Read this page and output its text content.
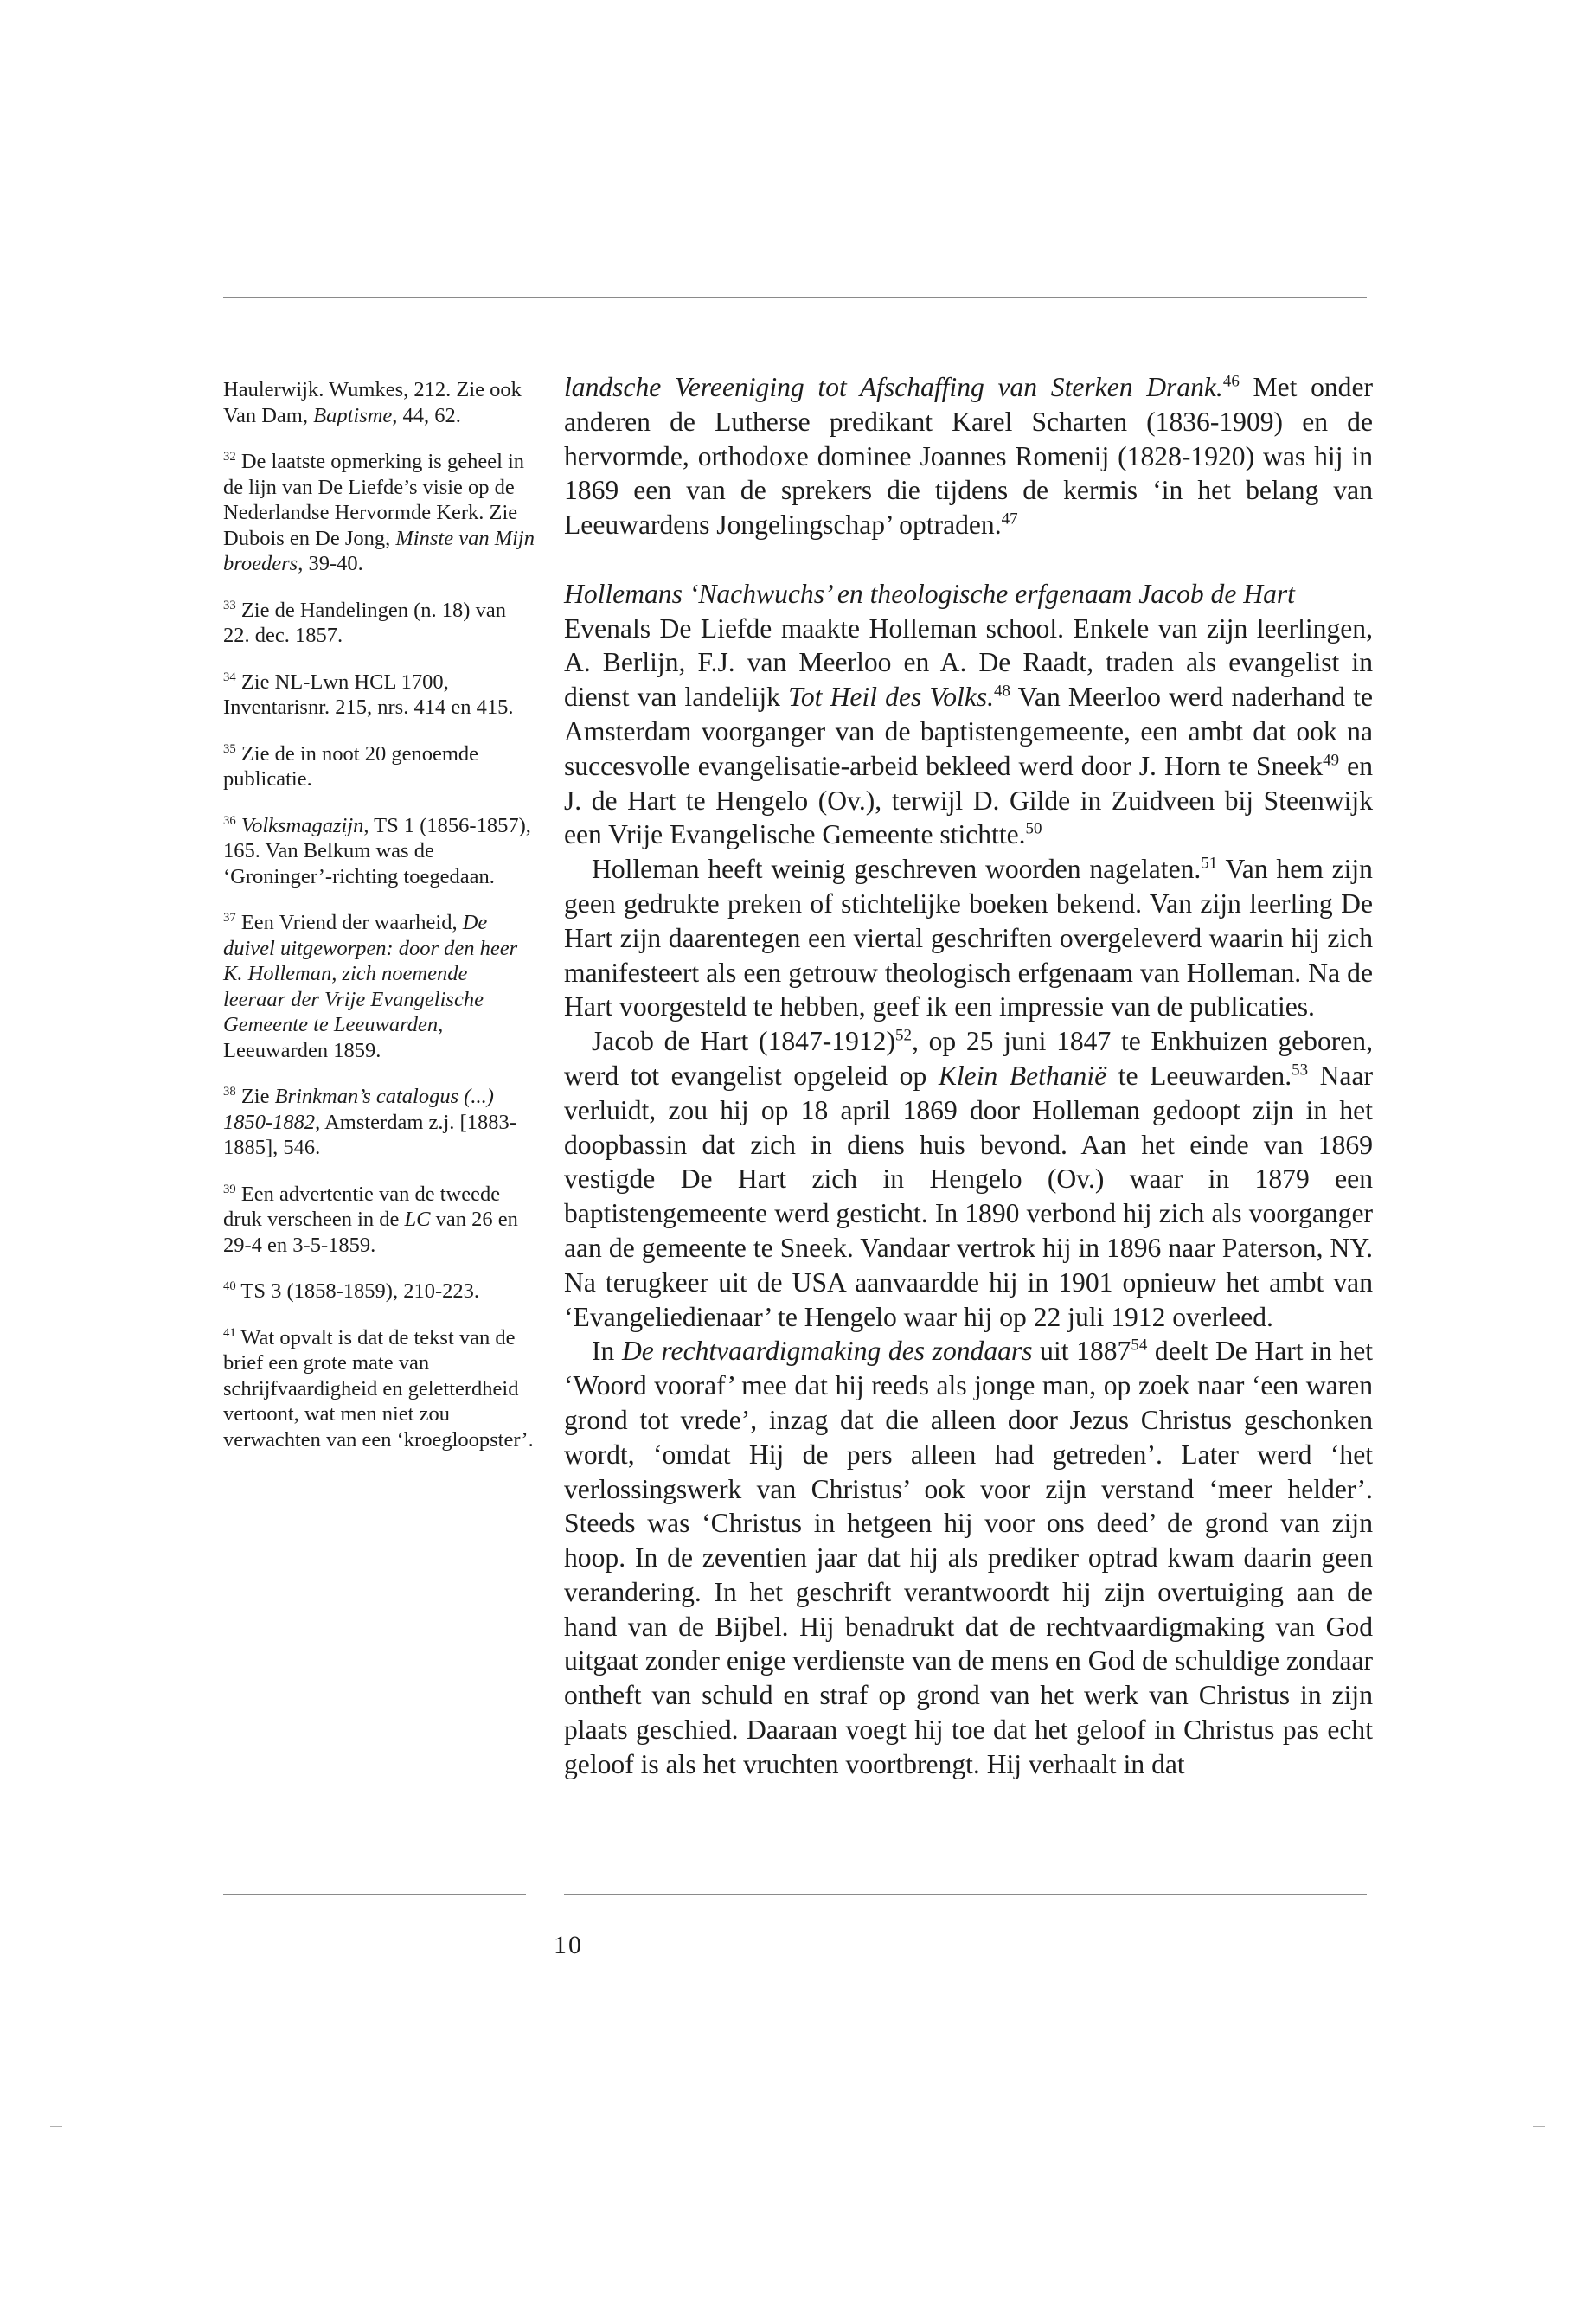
Haulerwijk. Wumkes, 212. Zie ook Van Dam, Baptisme, 44, 62.
$^{32}$ De laatste opmerking is geheel in de lijn van De Liefde’s visie op de Nederlandse Hervormde Kerk. Zie Dubois en De Jong, Minste van Mijn broeders, 39-40.
$^{33}$ Zie de Handelingen (n. 18) van 22. dec. 1857.
$^{34}$ Zie NL-Lwn HCL 1700, Inventarisnr. 215, nrs. 414 en 415.
$^{35}$ Zie de in noot 20 genoemde publicatie.
$^{36}$ Volksmagazijn, TS 1 (1856-1857), 165. Van Belkum was de ‘Groninger’-richting toegedaan.
$^{37}$ Een Vriend der waarheid, De duivel uitgeworpen: door den heer K. Holleman, zich noemende leeraar der Vrije Evangelische Gemeente te Leeuwarden, Leeuwarden 1859.
$^{38}$ Zie Brinkman’s catalogus (...) 1850-1882, Amsterdam z.j. [1883-1885], 546.
$^{39}$ Een advertentie van de tweede druk verscheen in de LC van 26 en 29-4 en 3-5-1859.
$^{40}$ TS 3 (1858-1859), 210-223.
$^{41}$ Wat opvalt is dat de tekst van de brief een grote mate van schrijfvaardigheid en geletterdheid vertoont, wat men niet zou verwachten van een ‘kroegloopster’.

landsche Vereeniging tot Afschaffing van Sterken Drank.$^{46}$ Met onder anderen de Lutherse predikant Karel Scharten (1836-1909) en de hervormde, orthodoxe dominee Joannes Romenij (1828-1920) was hij in 1869 een van de sprekers die tijdens de kermis ‘in het belang van Leeuwardens Jongelingschap’ optraden.$^{47}$

Hollemans ‘Nachwuchs’ en theologische erfgenaam Jacob de Hart

Evenals De Liefde maakte Holleman school. Enkele van zijn leerlingen, A. Berlijn, F.J. van Meerloo en A. De Raadt, traden als evangelist in dienst van landelijk Tot Heil des Volks.$^{48}$ Van Meerloo werd naderhand te Amsterdam voorganger van de baptistengemeente, een ambt dat ook na succesvolle evangelisatie-arbeid bekleed werd door J. Horn te Sneek$^{49}$ en J. de Hart te Hengelo (Ov.), terwijl D. Gilde in Zuidveen bij Steenwijk een Vrije Evangelische Gemeente stichtte.$^{50}$

Holleman heeft weinig geschreven woorden nagelaten.$^{51}$ Van hem zijn geen gedrukte preken of stichtelijke boeken bekend. Van zijn leerling De Hart zijn daarentegen een viertal geschriften overgeleverd waarin hij zich manifesteert als een getrouw theologisch erfgenaam van Holleman. Na de Hart voorgesteld te hebben, geef ik een impressie van de publicaties.

Jacob de Hart (1847-1912)$^{52}$, op 25 juni 1847 te Enkhuizen geboren, werd tot evangelist opgeleid op Klein Bethanië te Leeuwarden.$^{53}$ Naar verluidt, zou hij op 18 april 1869 door Holleman gedoopt zijn in het doopbassin dat zich in diens huis bevond. Aan het einde van 1869 vestigde De Hart zich in Hengelo (Ov.) waar in 1879 een baptistengemeente werd gesticht. In 1890 verbond hij zich als voorganger aan de gemeente te Sneek. Vandaar vertrok hij in 1896 naar Paterson, NY. Na terugkeer uit de USA aanvaardde hij in 1901 opnieuw het ambt van ‘Evangeliedienaar’ te Hengelo waar hij op 22 juli 1912 overleed.

In De rechtvaardigmaking des zondaars uit 1887$^{54}$ deelt De Hart in het ‘Woord vooraf’ mee dat hij reeds als jonge man, op zoek naar ‘een waren grond tot vrede’, inzag dat die alleen door Jezus Christus geschonken wordt, ‘omdat Hij de pers alleen had getreden’. Later werd ‘het verlossingswerk van Christus’ ook voor zijn verstand ‘meer helder’. Steeds was ‘Christus in hetgeen hij voor ons deed’ de grond van zijn hoop. In de zeventien jaar dat hij als prediker optrad kwam daarin geen verandering. In het geschrift verantwoordt hij zijn overtuiging aan de hand van de Bijbel. Hij benadrukt dat de rechtvaardigmaking van God uitgaat zonder enige verdienste van de mens en God de schuldige zondaar ontheft van schuld en straf op grond van het werk van Christus in zijn plaats geschied. Daaraan voegt hij toe dat het geloof in Christus pas echt geloof is als het vruchten voortbrengt. Hij verhaalt in dat

10
